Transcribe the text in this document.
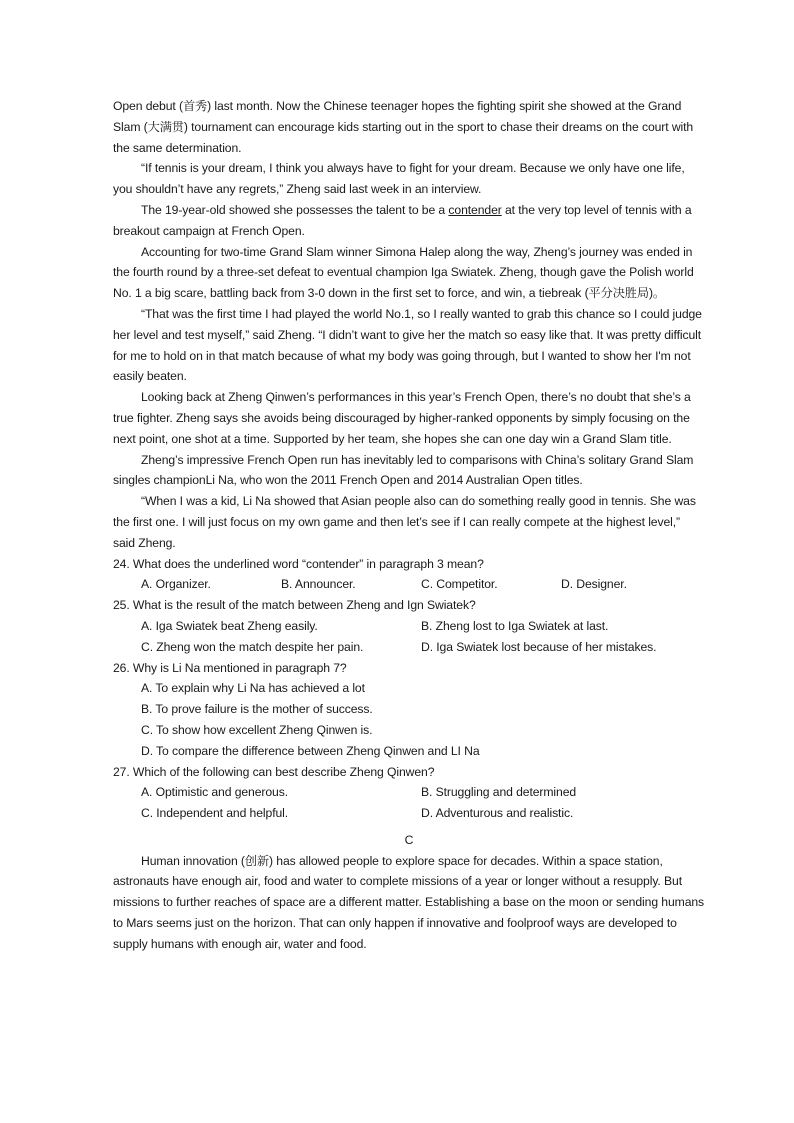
Open debut (首秀) last month. Now the Chinese teenager hopes the fighting spirit she showed at the Grand Slam (大满贯) tournament can encourage kids starting out in the sport to chase their dreams on the court with the same determination.

“If tennis is your dream, I think you always have to fight for your dream. Because we only have one life, you shouldn’t have any regrets,” Zheng said last week in an interview.

The 19-year-old showed she possesses the talent to be a contender at the very top level of tennis with a breakout campaign at French Open.

Accounting for two-time Grand Slam winner Simona Halep along the way, Zheng’s journey was ended in the fourth round by a three-set defeat to eventual champion Iga Swiatek. Zheng, though gave the Polish world No. 1 a big scare, battling back from 3-0 down in the first set to force, and win, a tiebreak (平分决胜局)。

“That was the first time I had played the world No.1, so I really wanted to grab this chance so I could judge her level and test myself,” said Zheng. “I didn’t want to give her the match so easy like that. It was pretty difficult for me to hold on in that match because of what my body was going through, but I wanted to show her I'm not easily beaten.

Looking back at Zheng Qinwen’s performances in this year’s French Open, there’s no doubt that she’s a true fighter. Zheng says she avoids being discouraged by higher-ranked opponents by simply focusing on the next point, one shot at a time. Supported by her team, she hopes she can one day win a Grand Slam title.

Zheng’s impressive French Open run has inevitably led to comparisons with China’s solitary Grand Slam singles championLi Na, who won the 2011 French Open and 2014 Australian Open titles.

“When I was a kid, Li Na showed that Asian people also can do something really good in tennis. She was the first one. I will just focus on my own game and then let’s see if I can really compete at the highest level,” said Zheng.

24. What does the underlined word “contender” in paragraph 3 mean?

A. Organizer.	B. Announcer.	C. Competitor.	D. Designer.

25. What is the result of the match between Zheng and Ign Swiatek?

A. Iga Swiatek beat Zheng easily.	B. Zheng lost to Iga Swiatek at last.
C. Zheng won the match despite her pain.	D. Iga Swiatek lost because of her mistakes.

26. Why is Li Na mentioned in paragraph 7?

A. To explain why Li Na has achieved a lot
B. To prove failure is the mother of success.
C. To show how excellent Zheng Qinwen is.
D. To compare the difference between Zheng Qinwen and LI Na

27. Which of the following can best describe Zheng Qinwen?

A. Optimistic and generous.	B. Struggling and determined
C. Independent and helpful.	D. Adventurous and realistic.

C

Human innovation (创新) has allowed people to explore space for decades. Within a space station, astronauts have enough air, food and water to complete missions of a year or longer without a resupply. But missions to further reaches of space are a different matter. Establishing a base on the moon or sending humans to Mars seems just on the horizon. That can only happen if innovative and foolproof ways are developed to supply humans with enough air, water and food.
